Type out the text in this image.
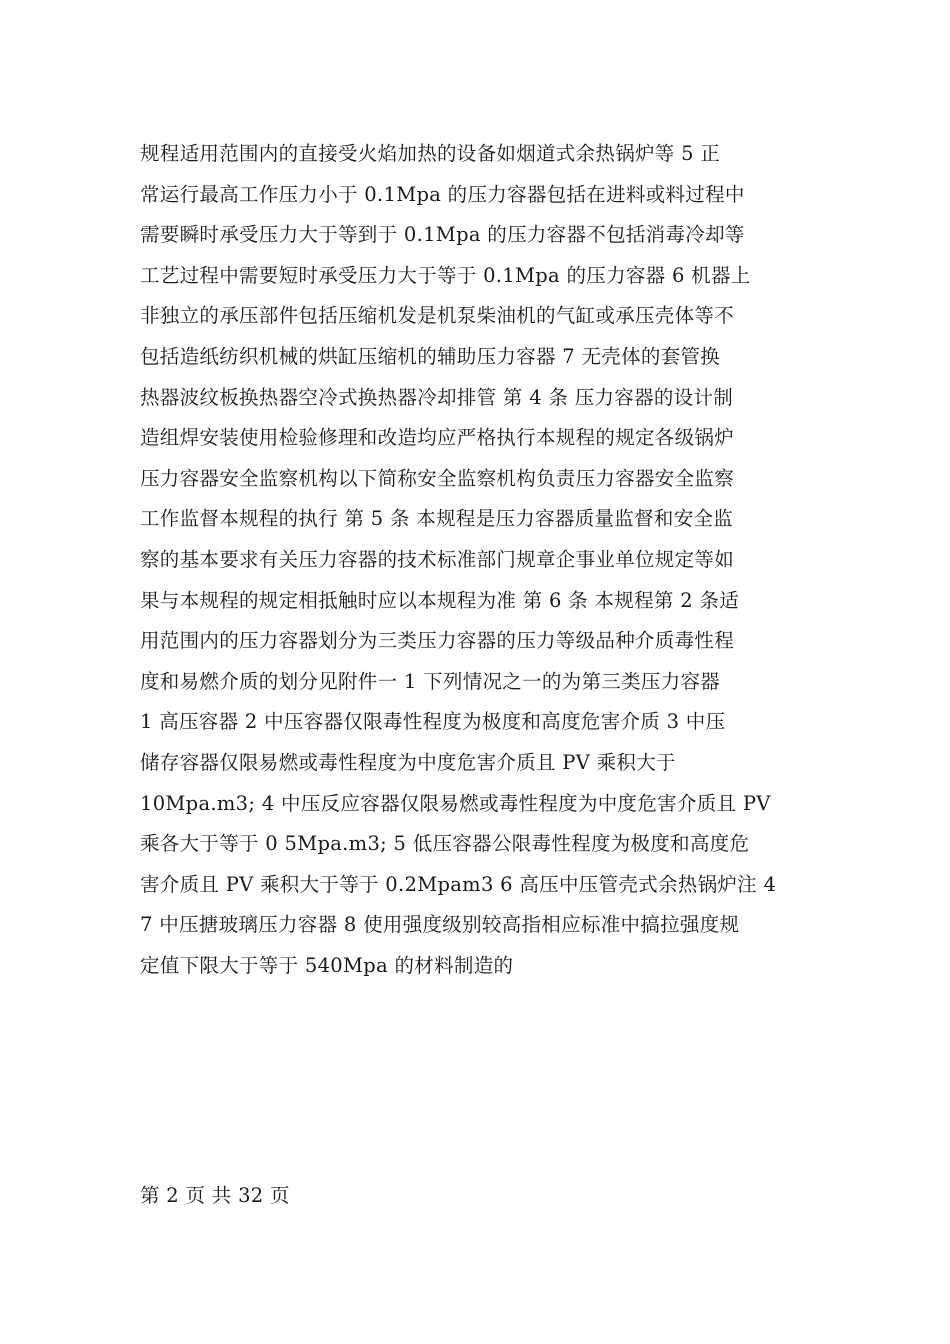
规程适用范围内的直接受火焰加热的设备如烟道式余热锅炉等 5 正
常运行最高工作压力小于 0.1Mpa 的压力容器包括在进料或料过程中
需要瞬时承受压力大于等到于 0.1Mpa 的压力容器不包括消毒冷却等
工艺过程中需要短时承受压力大于等于 0.1Mpa 的压力容器 6 机器上
非独立的承压部件包括压缩机发是机泵柴油机的气缸或承压壳体等不
包括造纸纺织机械的烘缸压缩机的辅助压力容器 7 无壳体的套管换
热器波纹板换热器空冷式换热器冷却排管 第 4 条 压力容器的设计制
造组焊安装使用检验修理和改造均应严格执行本规程的规定各级锅炉
压力容器安全监察机构以下简称安全监察机构负责压力容器安全监察
工作监督本规程的执行 第 5 条 本规程是压力容器质量监督和安全监
察的基本要求有关压力容器的技术标准部门规章企事业单位规定等如
果与本规程的规定相抵触时应以本规程为准 第 6 条 本规程第 2 条适
用范围内的压力容器划分为三类压力容器的压力等级品种介质毒性程
度和易燃介质的划分见附件一 1 下列情况之一的为第三类压力容器
1 高压容器 2 中压容器仅限毒性程度为极度和高度危害介质 3 中压
储存容器仅限易燃或毒性程度为中度危害介质且 PV 乘积大于
10Mpa.m3; 4 中压反应容器仅限易燃或毒性程度为中度危害介质且 PV
乘各大于等于 0 5Mpa.m3; 5 低压容器公限毒性程度为极度和高度危
害介质且 PV 乘积大于等于 0.2Mpam3 6 高压中压管壳式余热锅炉注 4
7 中压搪玻璃压力容器 8 使用强度级别较高指相应标准中搞拉强度规
定值下限大于等于 540Mpa 的材料制造的
第 2 页 共 32 页
